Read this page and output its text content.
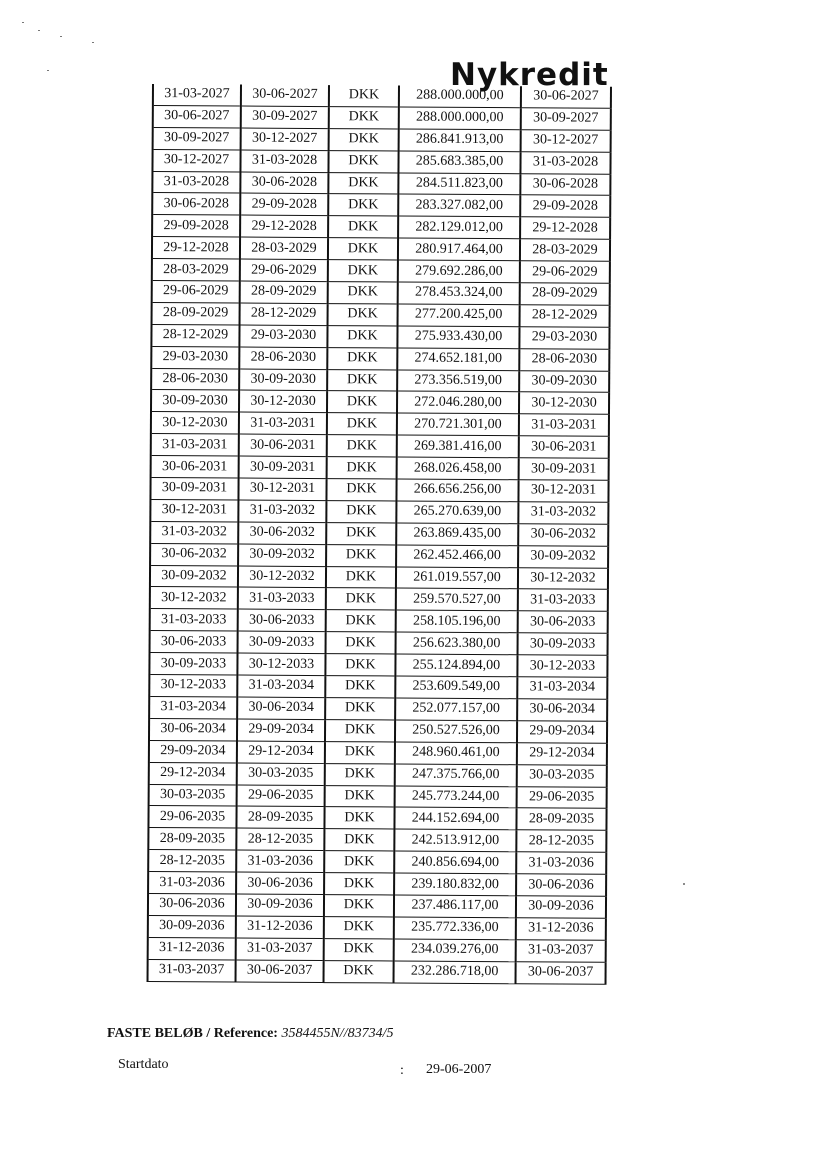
Nykredit
31-03-2027	30-06-2027	DKK	288.000.000,00	30-06-2027
30-06-2027	30-09-2027	DKK	288.000.000,00	30-09-2027
30-09-2027	30-12-2027	DKK	286.841.913,00	30-12-2027
30-12-2027	31-03-2028	DKK	285.683.385,00	31-03-2028
31-03-2028	30-06-2028	DKK	284.511.823,00	30-06-2028
30-06-2028	29-09-2028	DKK	283.327.082,00	29-09-2028
29-09-2028	29-12-2028	DKK	282.129.012,00	29-12-2028
29-12-2028	28-03-2029	DKK	280.917.464,00	28-03-2029
28-03-2029	29-06-2029	DKK	279.692.286,00	29-06-2029
29-06-2029	28-09-2029	DKK	278.453.324,00	28-09-2029
28-09-2029	28-12-2029	DKK	277.200.425,00	28-12-2029
28-12-2029	29-03-2030	DKK	275.933.430,00	29-03-2030
29-03-2030	28-06-2030	DKK	274.652.181,00	28-06-2030
28-06-2030	30-09-2030	DKK	273.356.519,00	30-09-2030
30-09-2030	30-12-2030	DKK	272.046.280,00	30-12-2030
30-12-2030	31-03-2031	DKK	270.721.301,00	31-03-2031
31-03-2031	30-06-2031	DKK	269.381.416,00	30-06-2031
30-06-2031	30-09-2031	DKK	268.026.458,00	30-09-2031
30-09-2031	30-12-2031	DKK	266.656.256,00	30-12-2031
30-12-2031	31-03-2032	DKK	265.270.639,00	31-03-2032
31-03-2032	30-06-2032	DKK	263.869.435,00	30-06-2032
30-06-2032	30-09-2032	DKK	262.452.466,00	30-09-2032
30-09-2032	30-12-2032	DKK	261.019.557,00	30-12-2032
30-12-2032	31-03-2033	DKK	259.570.527,00	31-03-2033
31-03-2033	30-06-2033	DKK	258.105.196,00	30-06-2033
30-06-2033	30-09-2033	DKK	256.623.380,00	30-09-2033
30-09-2033	30-12-2033	DKK	255.124.894,00	30-12-2033
30-12-2033	31-03-2034	DKK	253.609.549,00	31-03-2034
31-03-2034	30-06-2034	DKK	252.077.157,00	30-06-2034
30-06-2034	29-09-2034	DKK	250.527.526,00	29-09-2034
29-09-2034	29-12-2034	DKK	248.960.461,00	29-12-2034
29-12-2034	30-03-2035	DKK	247.375.766,00	30-03-2035
30-03-2035	29-06-2035	DKK	245.773.244,00	29-06-2035
29-06-2035	28-09-2035	DKK	244.152.694,00	28-09-2035
28-09-2035	28-12-2035	DKK	242.513.912,00	28-12-2035
28-12-2035	31-03-2036	DKK	240.856.694,00	31-03-2036
31-03-2036	30-06-2036	DKK	239.180.832,00	30-06-2036
30-06-2036	30-09-2036	DKK	237.486.117,00	30-09-2036
30-09-2036	31-12-2036	DKK	235.772.336,00	31-12-2036
31-12-2036	31-03-2037	DKK	234.039.276,00	31-03-2037
31-03-2037	30-06-2037	DKK	232.286.718,00	30-06-2037
FASTE BELØB / Reference: 3584455N//83734/5
Startdato	: 29-06-2007
